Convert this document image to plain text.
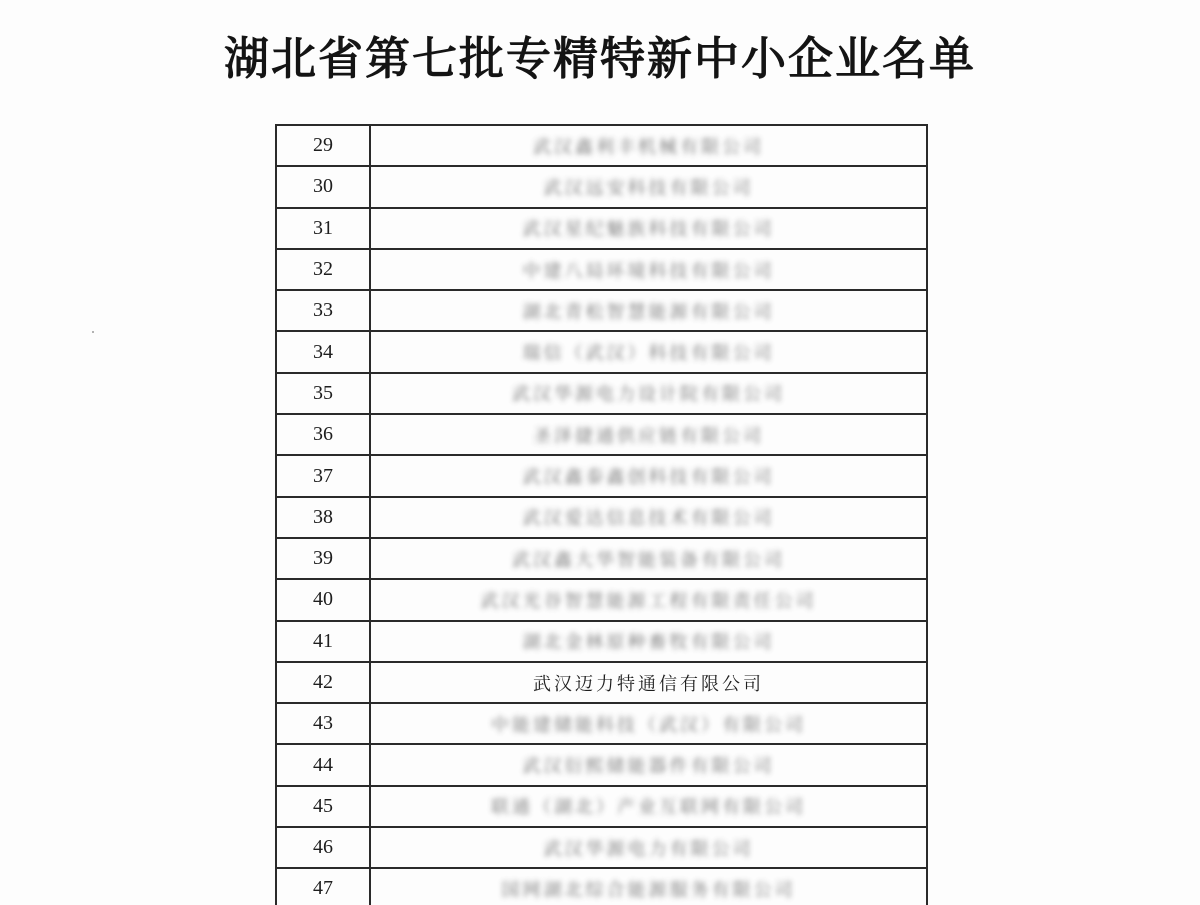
湖北省第七批专精特新中小企业名单
29	武汉鑫利丰机械有限公司
30	武汉远安科技有限公司
31	武汉星纪魅族科技有限公司
32	中建八局环境科技有限公司
33	湖北青松智慧能源有限公司
34	瑞信（武汉）科技有限公司
35	武汉华源电力设计院有限公司
36	圣泽捷通供应链有限公司
37	武汉鑫泰鑫创科技有限公司
38	武汉爱达信息技术有限公司
39	武汉鑫大华智能装备有限公司
40	武汉光谷智慧能源工程有限责任公司
41	湖北金林原种畜牧有限公司
42	武汉迈力特通信有限公司
43	中能建储能科技（武汉）有限公司
44	武汉衍熙储能器件有限公司
45	联通（湖北）产业互联网有限公司
46	武汉华源电力有限公司
47	国网湖北综合能源服务有限公司
